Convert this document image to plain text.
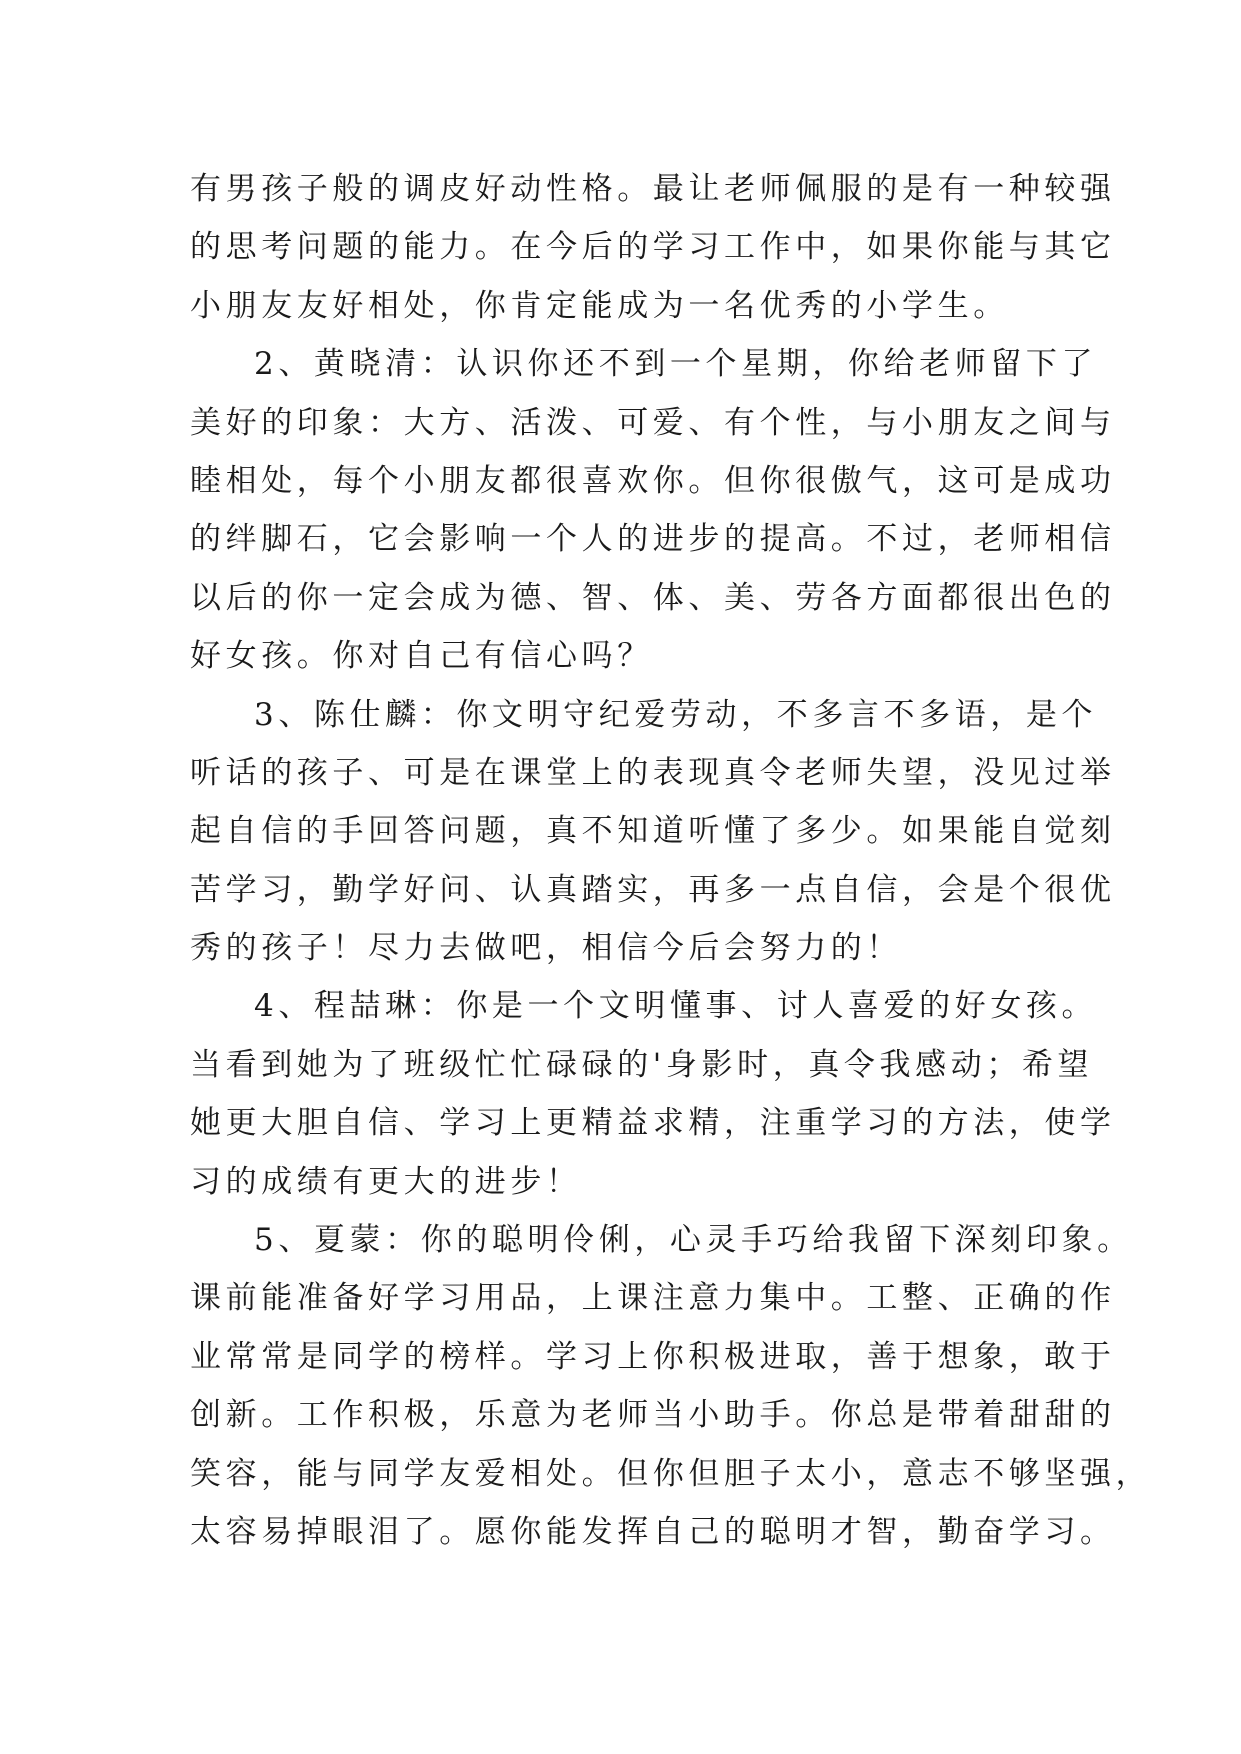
有男孩子般的调皮好动性格。最让老师佩服的是有一种较强
的思考问题的能力。在今后的学习工作中，如果你能与其它
小朋友友好相处，你肯定能成为一名优秀的小学生。
2、黄晓清：认识你还不到一个星期，你给老师留下了
美好的印象：大方、活泼、可爱、有个性，与小朋友之间与
睦相处，每个小朋友都很喜欢你。但你很傲气，这可是成功
的绊脚石，它会影响一个人的进步的提高。不过，老师相信
以后的你一定会成为德、智、体、美、劳各方面都很出色的
好女孩。你对自己有信心吗？
3、陈仕麟：你文明守纪爱劳动，不多言不多语，是个
听话的孩子、可是在课堂上的表现真令老师失望，没见过举
起自信的手回答问题，真不知道听懂了多少。如果能自觉刻
苦学习，勤学好问、认真踏实，再多一点自信，会是个很优
秀的孩子！尽力去做吧，相信今后会努力的！
4、程喆琳：你是一个文明懂事、讨人喜爱的好女孩。
当看到她为了班级忙忙碌碌的'身影时，真令我感动；希望
她更大胆自信、学习上更精益求精，注重学习的方法，使学
习的成绩有更大的进步！
5、夏蒙：你的聪明伶俐，心灵手巧给我留下深刻印象。
课前能准备好学习用品，上课注意力集中。工整、正确的作
业常常是同学的榜样。学习上你积极进取，善于想象，敢于
创新。工作积极，乐意为老师当小助手。你总是带着甜甜的
笑容，能与同学友爱相处。但你但胆子太小，意志不够坚强，
太容易掉眼泪了。愿你能发挥自己的聪明才智，勤奋学习。
